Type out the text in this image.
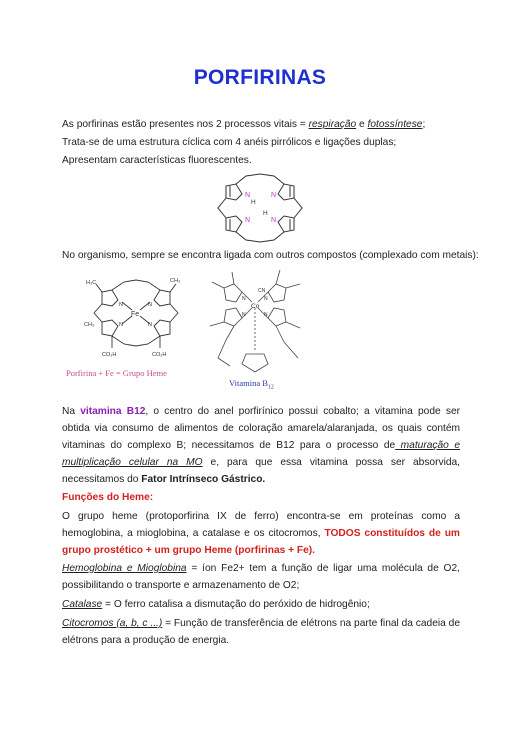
PORFIRINAS
As porfirinas estão presentes nos 2 processos vitais = respiração e fotossíntese;
Trata-se de uma estrutura cíclica com 4 anéis pirrólicos e ligações duplas;
Apresentam características fluorescentes.
N	N
N	N
H
H
No organismo, sempre se encontra ligada com outros compostos (complexado com metais):
H₃C	CH₃
CH₃
Fe
N	N
N	N
CO₂H	CO₂H
Porfirina + Fe = Grupo Heme
Co
N	N
N	N
CN
Vitamina $B_{12}$
Na vitamina B12, o centro do anel porfirínico possui cobalto; a vitamina pode ser obtida via consumo de alimentos de coloração amarela/alaranjada, os quais contém vitaminas do complexo B; necessitamos de B12 para o processo de maturação e multiplicação celular na MO e, para que essa vitamina possa ser absorvida, necessitamos do Fator Intrínseco Gástrico.
Funções do Heme:
O grupo heme (protoporfirina IX de ferro) encontra-se em proteínas como a hemoglobina, a mioglobina, a catalase e os citocromos, TODOS constituídos de um grupo prostético + um grupo Heme (porfirinas + Fe).
Hemoglobina e Mioglobina = íon Fe2+ tem a função de ligar uma molécula de O2, possibilitando o transporte e armazenamento de O2;
Catalase = O ferro catalisa a dismutação do peróxido de hidrogênio;
Citocromos (a, b, c ...) = Função de transferência de elétrons na parte final da cadeia de elétrons para a produção de energia.
